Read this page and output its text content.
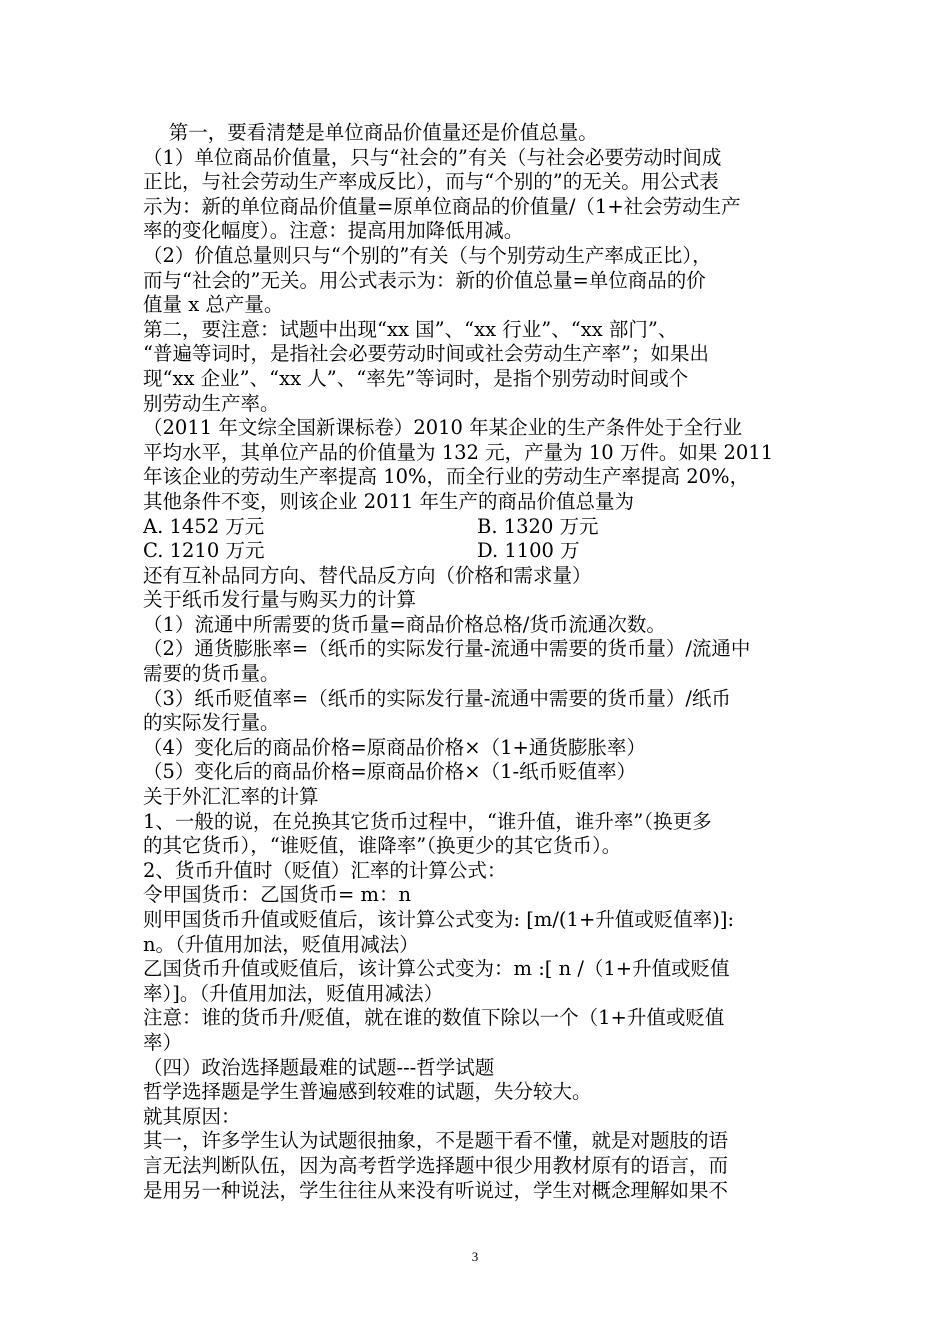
　 第一，要看清楚是单位商品价值量还是价值总量。
（1）单位商品价值量，只与“社会的”有关（与社会必要劳动时间成
正比，与社会劳动生产率成反比），而与“个别的”的无关。用公式表
示为：新的单位商品价值量=原单位商品的价值量/（1+社会劳动生产
率的变化幅度）。注意：提高用加降低用减。
（2）价值总量则只与“个别的”有关（与个别劳动生产率成正比），
而与“社会的”无关。用公式表示为：新的价值总量=单位商品的价
值量 x 总产量。
第二，要注意：试题中出现“xx 国”、“xx 行业”、“xx 部门”、
“普遍等词时，是指社会必要劳动时间或社会劳动生产率”；如果出
现“xx 企业”、“xx 人”、“率先”等词时，是指个别劳动时间或个
别劳动生产率。
（2011 年文综全国新课标卷）2010 年某企业的生产条件处于全行业
平均水平，其单位产品的价值量为 132 元，产量为 10 万件。如果 2011
年该企业的劳动生产率提高 10%，而全行业的劳动生产率提高 20%，
其他条件不变，则该企业 2011 年生产的商品价值总量为
A. 1452 万元	B. 1320 万元
C. 1210 万元	D. 1100 万
还有互补品同方向、替代品反方向（价格和需求量）
关于纸币发行量与购买力的计算
（1）流通中所需要的货币量=商品价格总格/货币流通次数。
（2）通货膨胀率=（纸币的实际发行量-流通中需要的货币量）/流通中
需要的货币量。
（3）纸币贬值率=（纸币的实际发行量-流通中需要的货币量）/纸币
的实际发行量。
（4）变化后的商品价格=原商品价格×（1+通货膨胀率）
（5）变化后的商品价格=原商品价格×（1-纸币贬值率）
关于外汇汇率的计算
1、一般的说，在兑换其它货币过程中，“谁升值，谁升率”（换更多
的其它货币），“谁贬值，谁降率”（换更少的其它货币）。
2、货币升值时（贬值）汇率的计算公式：
令甲国货币：乙国货币= m：n
则甲国货币升值或贬值后，该计算公式变为: [m/(1+升值或贬值率)]:
n。（升值用加法，贬值用减法）
乙国货币升值或贬值后，该计算公式变为：m :[ n /（1+升值或贬值
率）]。（升值用加法，贬值用减法）
注意：谁的货币升/贬值，就在谁的数值下除以一个（1+升值或贬值
率）
（四）政治选择题最难的试题---哲学试题
哲学选择题是学生普遍感到较难的试题，失分较大。
就其原因：
其一，许多学生认为试题很抽象，不是题干看不懂，就是对题肢的语
言无法判断队伍，因为高考哲学选择题中很少用教材原有的语言，而
是用另一种说法，学生往往从来没有听说过，学生对概念理解如果不
3
